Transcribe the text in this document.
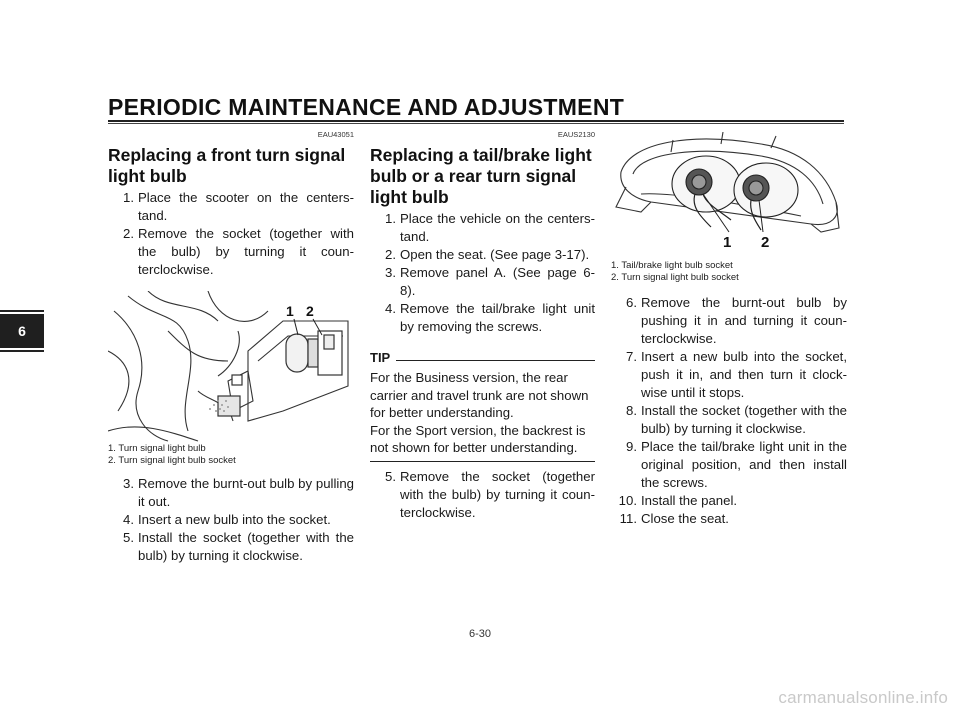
PERIODIC MAINTENANCE AND ADJUSTMENT
6
EAU43051
Replacing a front turn signal light bulb
1. Place the scooter on the centers-tand.
2. Remove the socket (together with the bulb) by turning it coun-terclockwise.
1 2
1. Turn signal light bulb
2. Turn signal light bulb socket
3. Remove the burnt-out bulb by pulling it out.
4. Insert a new bulb into the socket.
5. Install the socket (together with the bulb) by turning it clockwise.
EAUS2130
Replacing a tail/brake light bulb or a rear turn signal light bulb
1. Place the vehicle on the centers-tand.
2. Open the seat. (See page 3-17).
3. Remove panel A. (See page 6-8).
4. Remove the tail/brake light unit by removing the screws.
TIP
For the Business version, the rear carrier and travel trunk are not shown for better understanding.
For the Sport version, the backrest is not shown for better understanding.
5. Remove the socket (together with the bulb) by turning it coun-terclockwise.
1 2
1. Tail/brake light bulb socket
2. Turn signal light bulb socket
6. Remove the burnt-out bulb by pushing it in and turning it coun-terclockwise.
7. Insert a new bulb into the socket, push it in, and then turn it clock-wise until it stops.
8. Install the socket (together with the bulb) by turning it clockwise.
9. Place the tail/brake light unit in the original position, and then install the screws.
10. Install the panel.
11. Close the seat.
6-30
carmanualsonline.info
